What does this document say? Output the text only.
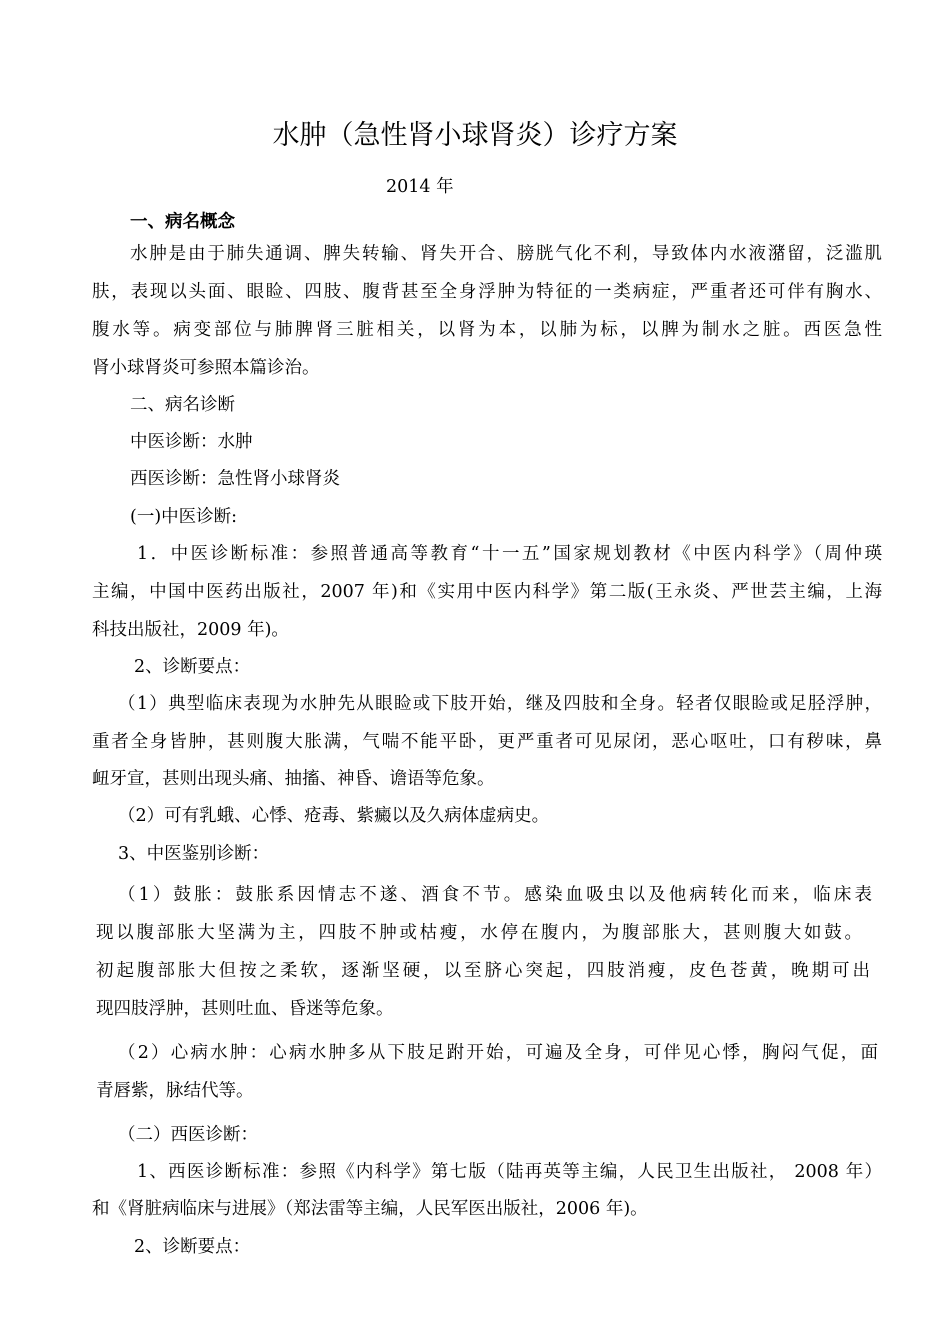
水肿（急性肾小球肾炎）诊疗方案
2014 年
一、病名概念
水肿是由于肺失通调、脾失转输、肾失开合、膀胱气化不利，导致体内水液潴留，泛滥肌
肤，表现以头面、眼睑、四肢、腹背甚至全身浮肿为特征的一类病症，严重者还可伴有胸水、
腹水等。病变部位与肺脾肾三脏相关，以肾为本，以肺为标，以脾为制水之脏。西医急性
肾小球肾炎可参照本篇诊治。
二、病名诊断
中医诊断：水肿
西医诊断：急性肾小球肾炎
(一)中医诊断:
1．中医诊断标准：参照普通高等教育“十一五”国家规划教材《中医内科学》（周仲瑛
主编，中国中医药出版社，2007 年)和《实用中医内科学》第二版(王永炎、严世芸主编，上海
科技出版社，2009 年)。
2、诊断要点：
（1）典型临床表现为水肿先从眼睑或下肢开始，继及四肢和全身。轻者仅眼睑或足胫浮肿，
重者全身皆肿，甚则腹大胀满，气喘不能平卧，更严重者可见尿闭，恶心呕吐，口有秽味，鼻
衄牙宣，甚则出现头痛、抽搐、神昏、谵语等危象。
（2）可有乳蛾、心悸、疮毒、紫癜以及久病体虚病史。
3、中医鉴别诊断：
（1）鼓胀：鼓胀系因情志不遂、酒食不节。感染血吸虫以及他病转化而来，临床表
现以腹部胀大坚满为主，四肢不肿或枯瘦，水停在腹内，为腹部胀大，甚则腹大如鼓。
初起腹部胀大但按之柔软，逐渐坚硬，以至脐心突起，四肢消瘦，皮色苍黄，晚期可出
现四肢浮肿，甚则吐血、昏迷等危象。
（2）心病水肿：心病水肿多从下肢足跗开始，可遍及全身，可伴见心悸，胸闷气促，面
青唇紫，脉结代等。
（二）西医诊断：
1、西医诊断标准：参照《内科学》第七版（陆再英等主编，人民卫生出版社， 2008 年）
和《肾脏病临床与进展》（郑法雷等主编，人民军医出版社，2006 年)。
2、诊断要点：
